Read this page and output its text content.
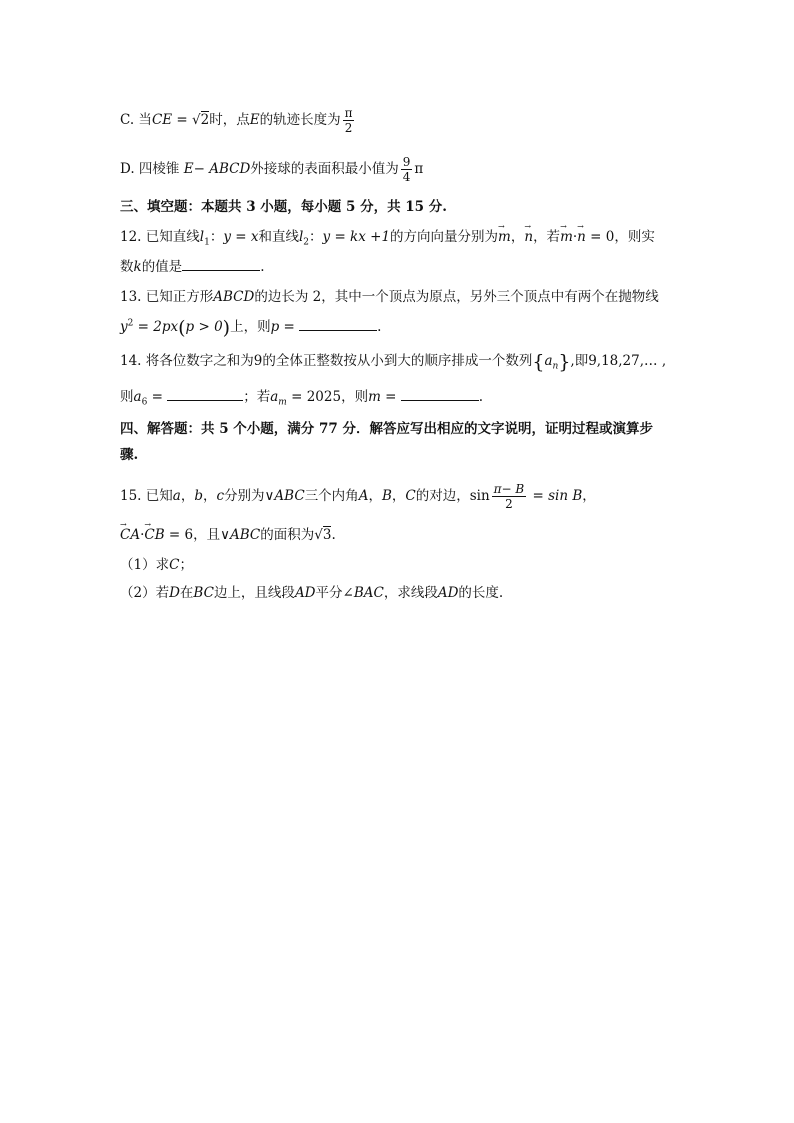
C. 当CE = √2时，点E的轨迹长度为 $\frac{\pi}{2}$
D. 四棱锥 E− ABCD外接球的表面积最小值为 $\frac{9}{4}$ π
三、填空题：本题共 3 小题，每小题 5 分，共 15 分.
12. 已知直线$l_1$：y = x和直线$l_2$：y = kx +1的方向向量分别为→ m，→ n，若→ m·→ n = 0，则实
数k的值是	.
13. 已知正方形ABCD的边长为 2，其中一个顶点为原点，另外三个顶点中有两个在抛物线
$y^2 = 2px(p > 0)$上，则p =	.
14. 将各位数字之和为9的全体正整数按从小到大的顺序排成一个数列$\{a_n\}$,即9,18,27,… ,
则$a_6$ =	；若$a_m = 2025$，则m =	.
四、解答题：共 5 个小题，满分 77 分．解答应写出相应的文字说明，证明过程或演算步
骤.
15. 已知a，b，c分别为∨ABC三个内角A，B，C的对边，$\sin \frac{\pi- B}{2} = \sin B$，
→ CA·→ CB = 6，且∨ABC的面积为√3.
（1）求C；
（2）若D在BC边上，且线段AD平分∠BAC，求线段AD的长度.
